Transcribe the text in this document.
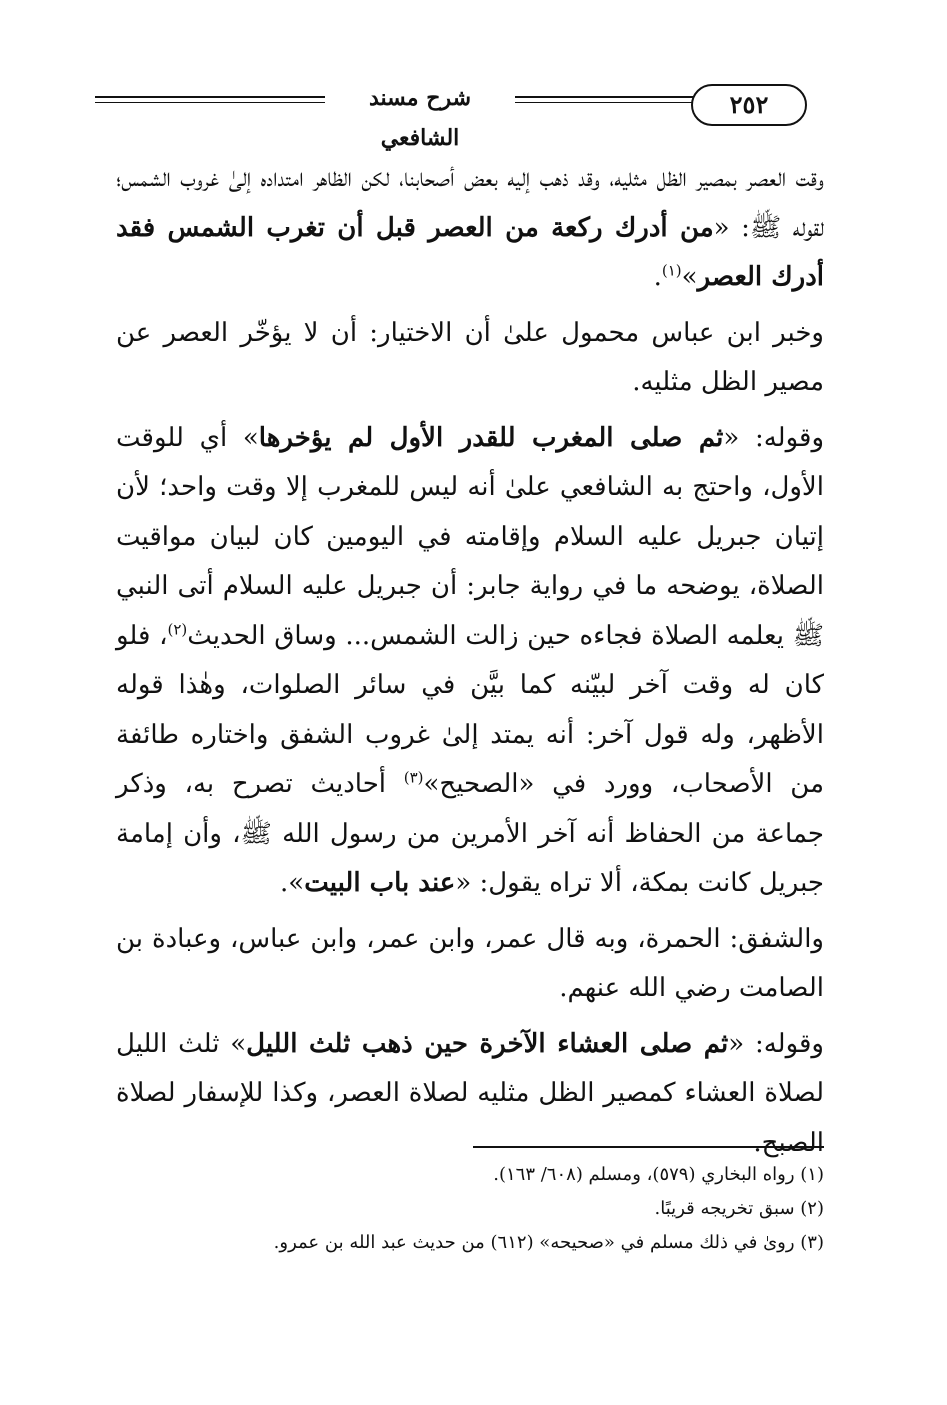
شرح مسند الشافعي
٢٥٢

وقت العصر بمصير الظل مثليه، وقد ذهب إليه بعض أصحابنا، لكن الظاهر امتداده إلىٰ غروب الشمس؛ لقوله ﷺ: «من أدرك ركعة من العصر قبل أن تغرب الشمس فقد أدرك العصر»$^{(١)}$.

وخبر ابن عباس محمول علىٰ أن الاختيار: أن لا يؤخّر العصر عن مصير الظل مثليه.

وقوله: «ثم صلى المغرب للقدر الأول لم يؤخرها» أي للوقت الأول، واحتج به الشافعي علىٰ أنه ليس للمغرب إلا وقت واحد؛ لأن إتيان جبريل عليه السلام وإقامته في اليومين كان لبيان مواقيت الصلاة، يوضحه ما في رواية جابر: أن جبريل عليه السلام أتى النبي ﷺ يعلمه الصلاة فجاءه حين زالت الشمس... وساق الحديث$^{(٢)}$، فلو كان له وقت آخر لبيّنه كما بيَّن في سائر الصلوات، وهٰذا قوله الأظهر، وله قول آخر: أنه يمتد إلىٰ غروب الشفق واختاره طائفة من الأصحاب، وورد في «الصحيح»$^{(٣)}$ أحاديث تصرح به، وذكر جماعة من الحفاظ أنه آخر الأمرين من رسول الله ﷺ، وأن إمامة جبريل كانت بمكة، ألا تراه يقول: «عند باب البيت».

والشفق: الحمرة، وبه قال عمر، وابن عمر، وابن عباس، وعبادة بن الصامت رضي الله عنهم.

وقوله: «ثم صلى العشاء الآخرة حين ذهب ثلث الليل» ثلث الليل لصلاة العشاء كمصير الظل مثليه لصلاة العصر، وكذا للإسفار لصلاة الصبح.

(١) رواه البخاري (٥٧٩)، ومسلم (٦٠٨/ ١٦٣).
(٢) سبق تخريجه قريبًا.
(٣) روىٰ في ذلك مسلم في «صحيحه» (٦١٢) من حديث عبد الله بن عمرو.
